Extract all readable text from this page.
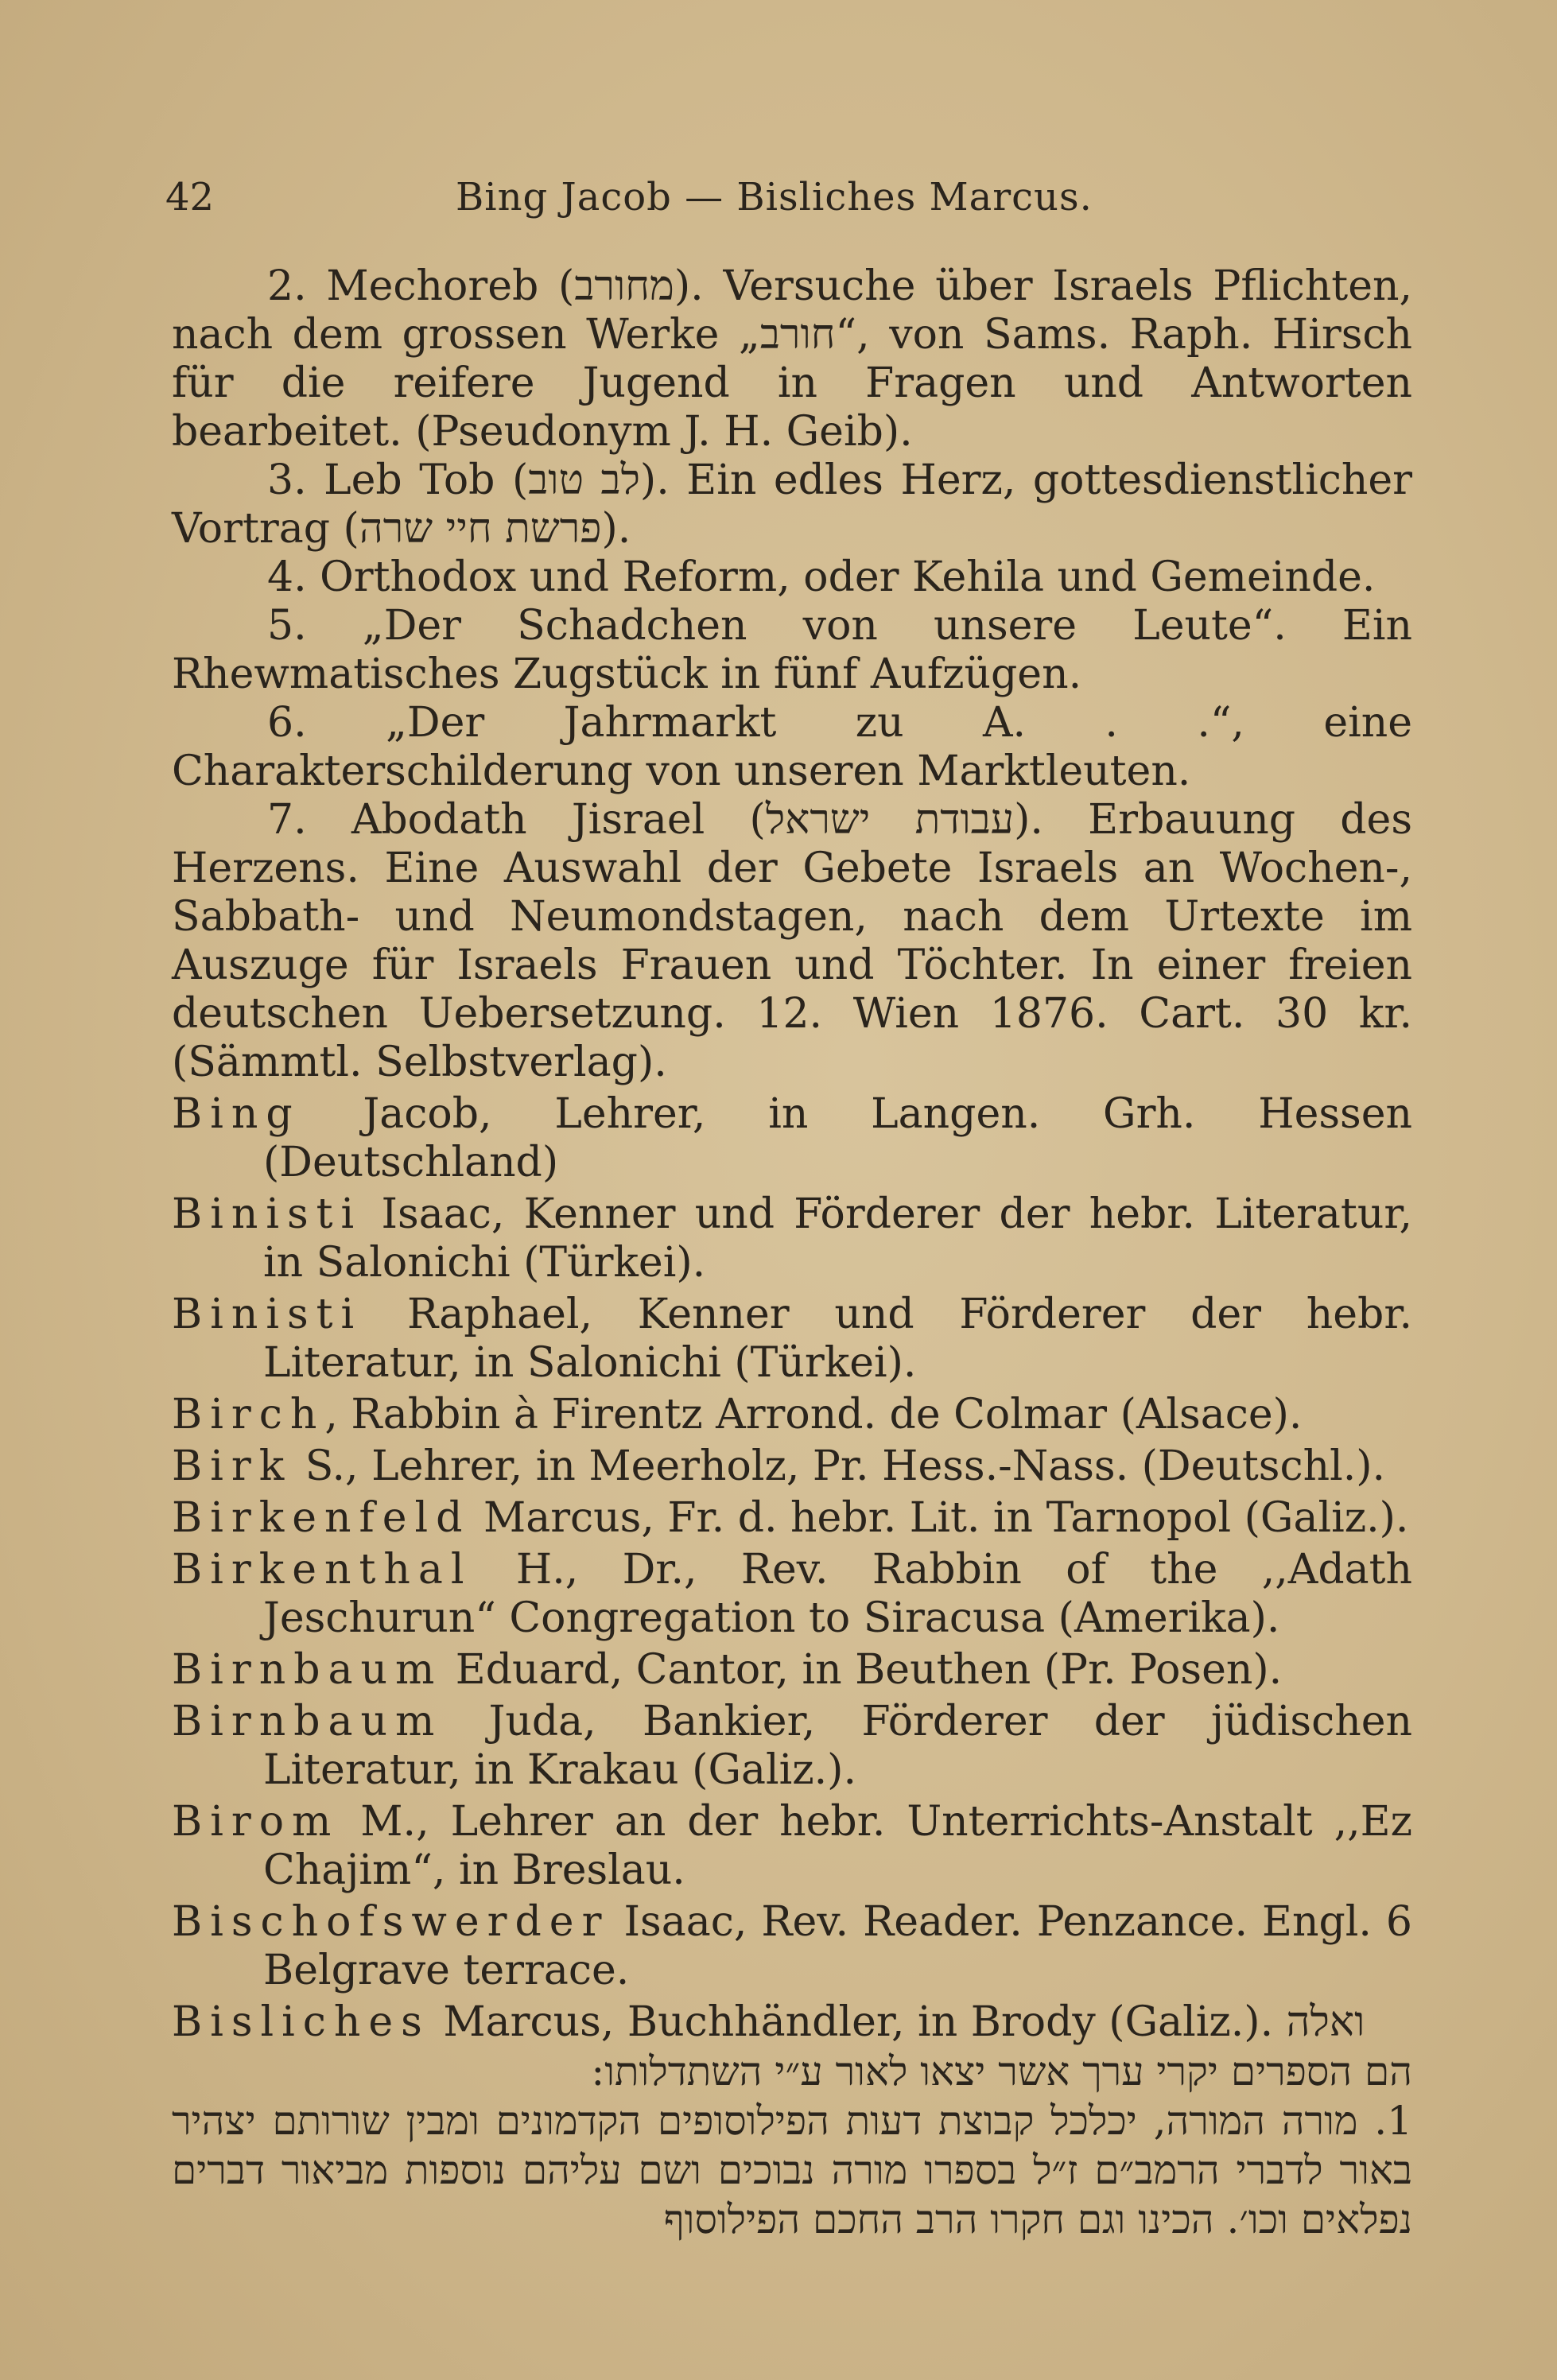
42	Bing Jacob — Bisliches Marcus.

2. Mechoreb (מחורב). Versuche über Israels Pflichten, nach dem grossen Werke „חורב“, von Sams. Raph. Hirsch für die reifere Jugend in Fragen und Antworten bearbeitet. (Pseudonym J. H. Geib).

3. Leb Tob (לב טוב). Ein edles Herz, gottesdienstlicher Vortrag (פרשת חיי שרה).

4. Orthodox und Reform, oder Kehila und Gemeinde.

5. „Der Schadchen von unsere Leute“. Ein Rhewmatisches Zugstück in fünf Aufzügen.

6. „Der Jahrmarkt zu A. . .“, eine Charakterschilderung von unseren Marktleuten.

7. Abodath Jisrael (עבודת ישראל). Erbauung des Herzens. Eine Auswahl der Gebete Israels an Wochen-, Sabbath- und Neumondstagen, nach dem Urtexte im Auszuge für Israels Frauen und Töchter. In einer freien deutschen Uebersetzung. 12. Wien 1876. Cart. 30 kr. (Sämmtl. Selbstverlag).

Bing Jacob, Lehrer, in Langen. Grh. Hessen (Deutschland)

Binisti Isaac, Kenner und Förderer der hebr. Literatur, in Salonichi (Türkei).

Binisti Raphael, Kenner und Förderer der hebr. Literatur, in Salonichi (Türkei).

Birch, Rabbin à Firentz Arrond. de Colmar (Alsace).

Birk S., Lehrer, in Meerholz, Pr. Hess.-Nass. (Deutschl.).

Birkenfeld Marcus, Fr. d. hebr. Lit. in Tarnopol (Galiz.).

Birkenthal H., Dr., Rev. Rabbin of the ,,Adath Jeschurun“ Congregation to Siracusa (Amerika).

Birnbaum Eduard, Cantor, in Beuthen (Pr. Posen).

Birnbaum Juda, Bankier, Förderer der jüdischen Literatur, in Krakau (Galiz.).

Birom M., Lehrer an der hebr. Unterrichts-Anstalt ,,Ez Chajim“, in Breslau.

Bischofswerder Isaac, Rev. Reader. Penzance. Engl. 6 Belgrave terrace.

Bisliches Marcus, Buchhändler, in Brody (Galiz.). ואלה

הם הספרים יקרי ערך אשר יצאו לאור ע״י השתדלותו:

1. מורה המורה, יכלכל קבוצת דעות הפילוסופים הקדמונים ומבין שורותם יצהיר באור לדברי הרמב״ם ז״ל בספרו מורה נבוכים ושם עליהם נוספות מביאור דברים נפלאים וכו׳. הכינו וגם חקרו הרב החכם הפילוסוף
